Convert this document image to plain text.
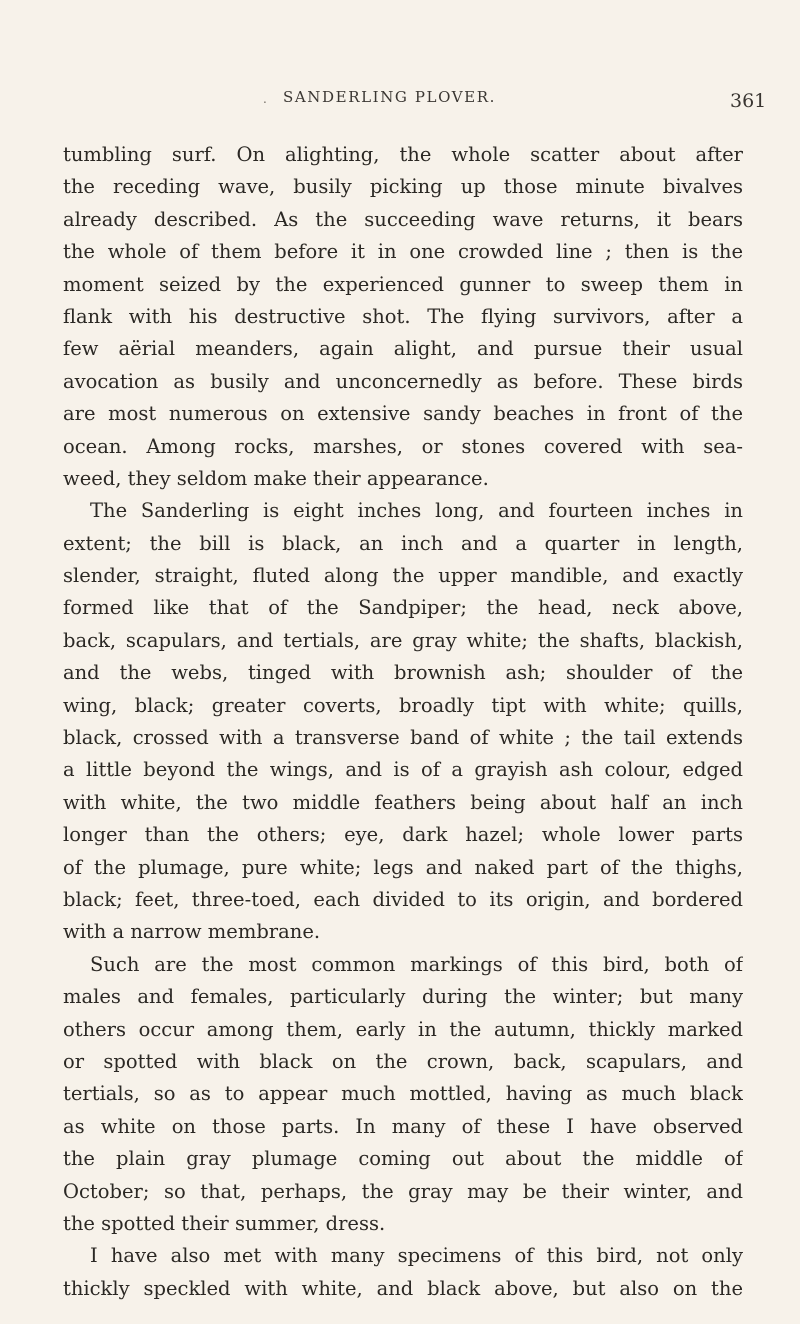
. SANDERLING PLOVER.	361
tumbling surf. On alighting, the whole scatter about after
the receding wave, busily picking up those minute bivalves
already described. As the succeeding wave returns, it bears
the whole of them before it in one crowded line ; then is the
moment seized by the experienced gunner to sweep them in
flank with his destructive shot. The flying survivors, after a
few aërial meanders, again alight, and pursue their usual
avocation as busily and unconcernedly as before. These birds
are most numerous on extensive sandy beaches in front of the
ocean. Among rocks, marshes, or stones covered with sea-
weed, they seldom make their appearance.
The Sanderling is eight inches long, and fourteen inches in
extent; the bill is black, an inch and a quarter in length,
slender, straight, fluted along the upper mandible, and exactly
formed like that of the Sandpiper; the head, neck above,
back, scapulars, and tertials, are gray white; the shafts, blackish,
and the webs, tinged with brownish ash; shoulder of the
wing, black; greater coverts, broadly tipt with white; quills,
black, crossed with a transverse band of white ; the tail extends
a little beyond the wings, and is of a grayish ash colour, edged
with white, the two middle feathers being about half an inch
longer than the others; eye, dark hazel; whole lower parts
of the plumage, pure white; legs and naked part of the thighs,
black; feet, three-toed, each divided to its origin, and bordered
with a narrow membrane.
Such are the most common markings of this bird, both of
males and females, particularly during the winter; but many
others occur among them, early in the autumn, thickly marked
or spotted with black on the crown, back, scapulars, and
tertials, so as to appear much mottled, having as much black
as white on those parts. In many of these I have observed
the plain gray plumage coming out about the middle of
October; so that, perhaps, the gray may be their winter, and
the spotted their summer, dress.
I have also met with many specimens of this bird, not only
thickly speckled with white, and black above, but also on the
